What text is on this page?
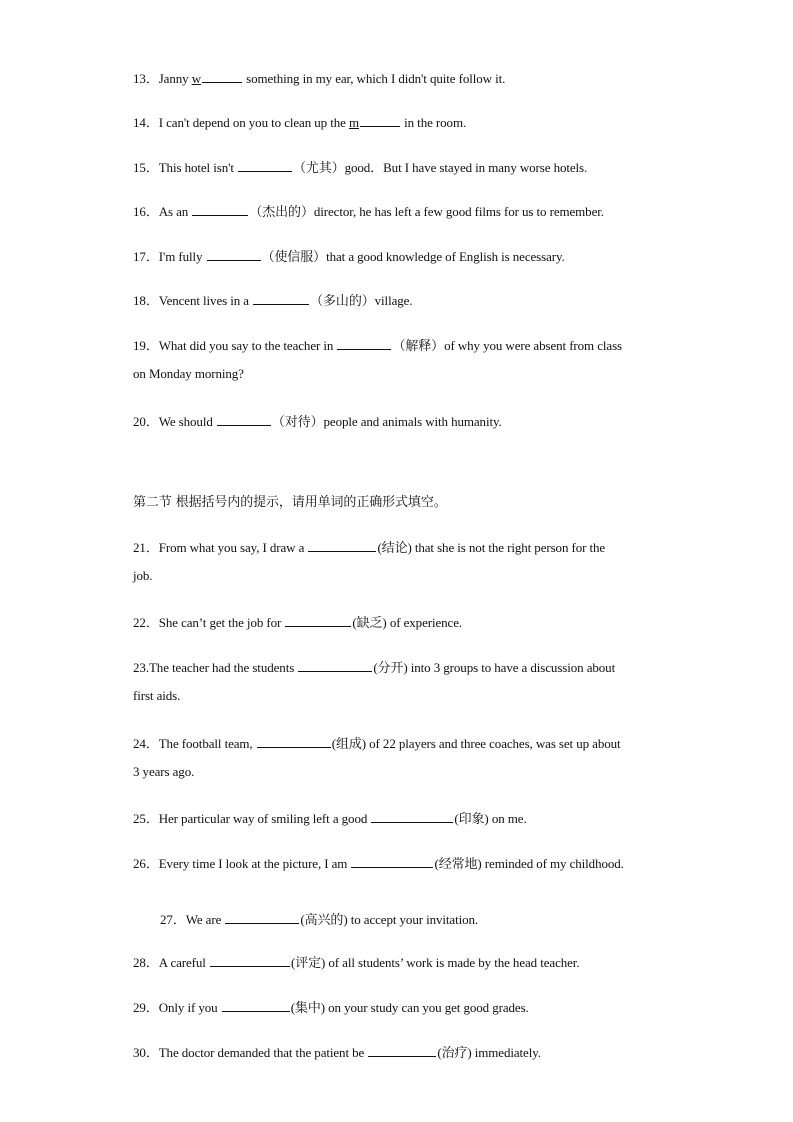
13．Janny w	something in my ear, which I didn't quite follow it.
14．I can't depend on you to clean up the m	in the room.
15．This hotel isn't	（尤其）good．But I have stayed in many worse hotels.
16．As an	（杰出的）director, he has left a few good films for us to remember.
17．I'm fully	（使信服）that a good knowledge of English is necessary.
18．Vencent lives in a	（多山的）village.
19．What did you say to the teacher in	（解释）of why you were absent from class
on Monday morning?
20．We should	（对待）people and animals with humanity.
第二节 根据括号内的提示，请用单词的正确形式填空。
21．From what you say, I draw a	(结论) that she is not the right person for the
job.
22．She can’t get the job for	(缺乏) of experience.
23.The teacher had the students	(分开) into 3 groups to have a discussion about
first aids.
24．The football team,	(组成) of 22 players and three coaches, was set up about
3 years ago.
25．Her particular way of smiling left a good	(印象) on me.
26．Every time I look at the picture, I am	(经常地) reminded of my childhood.
27．We are	(高兴的) to accept your invitation.
28．A careful	(评定) of all students’ work is made by the head teacher.
29．Only if you	(集中) on your study can you get good grades.
30．The doctor demanded that the patient be	(治疗) immediately.
